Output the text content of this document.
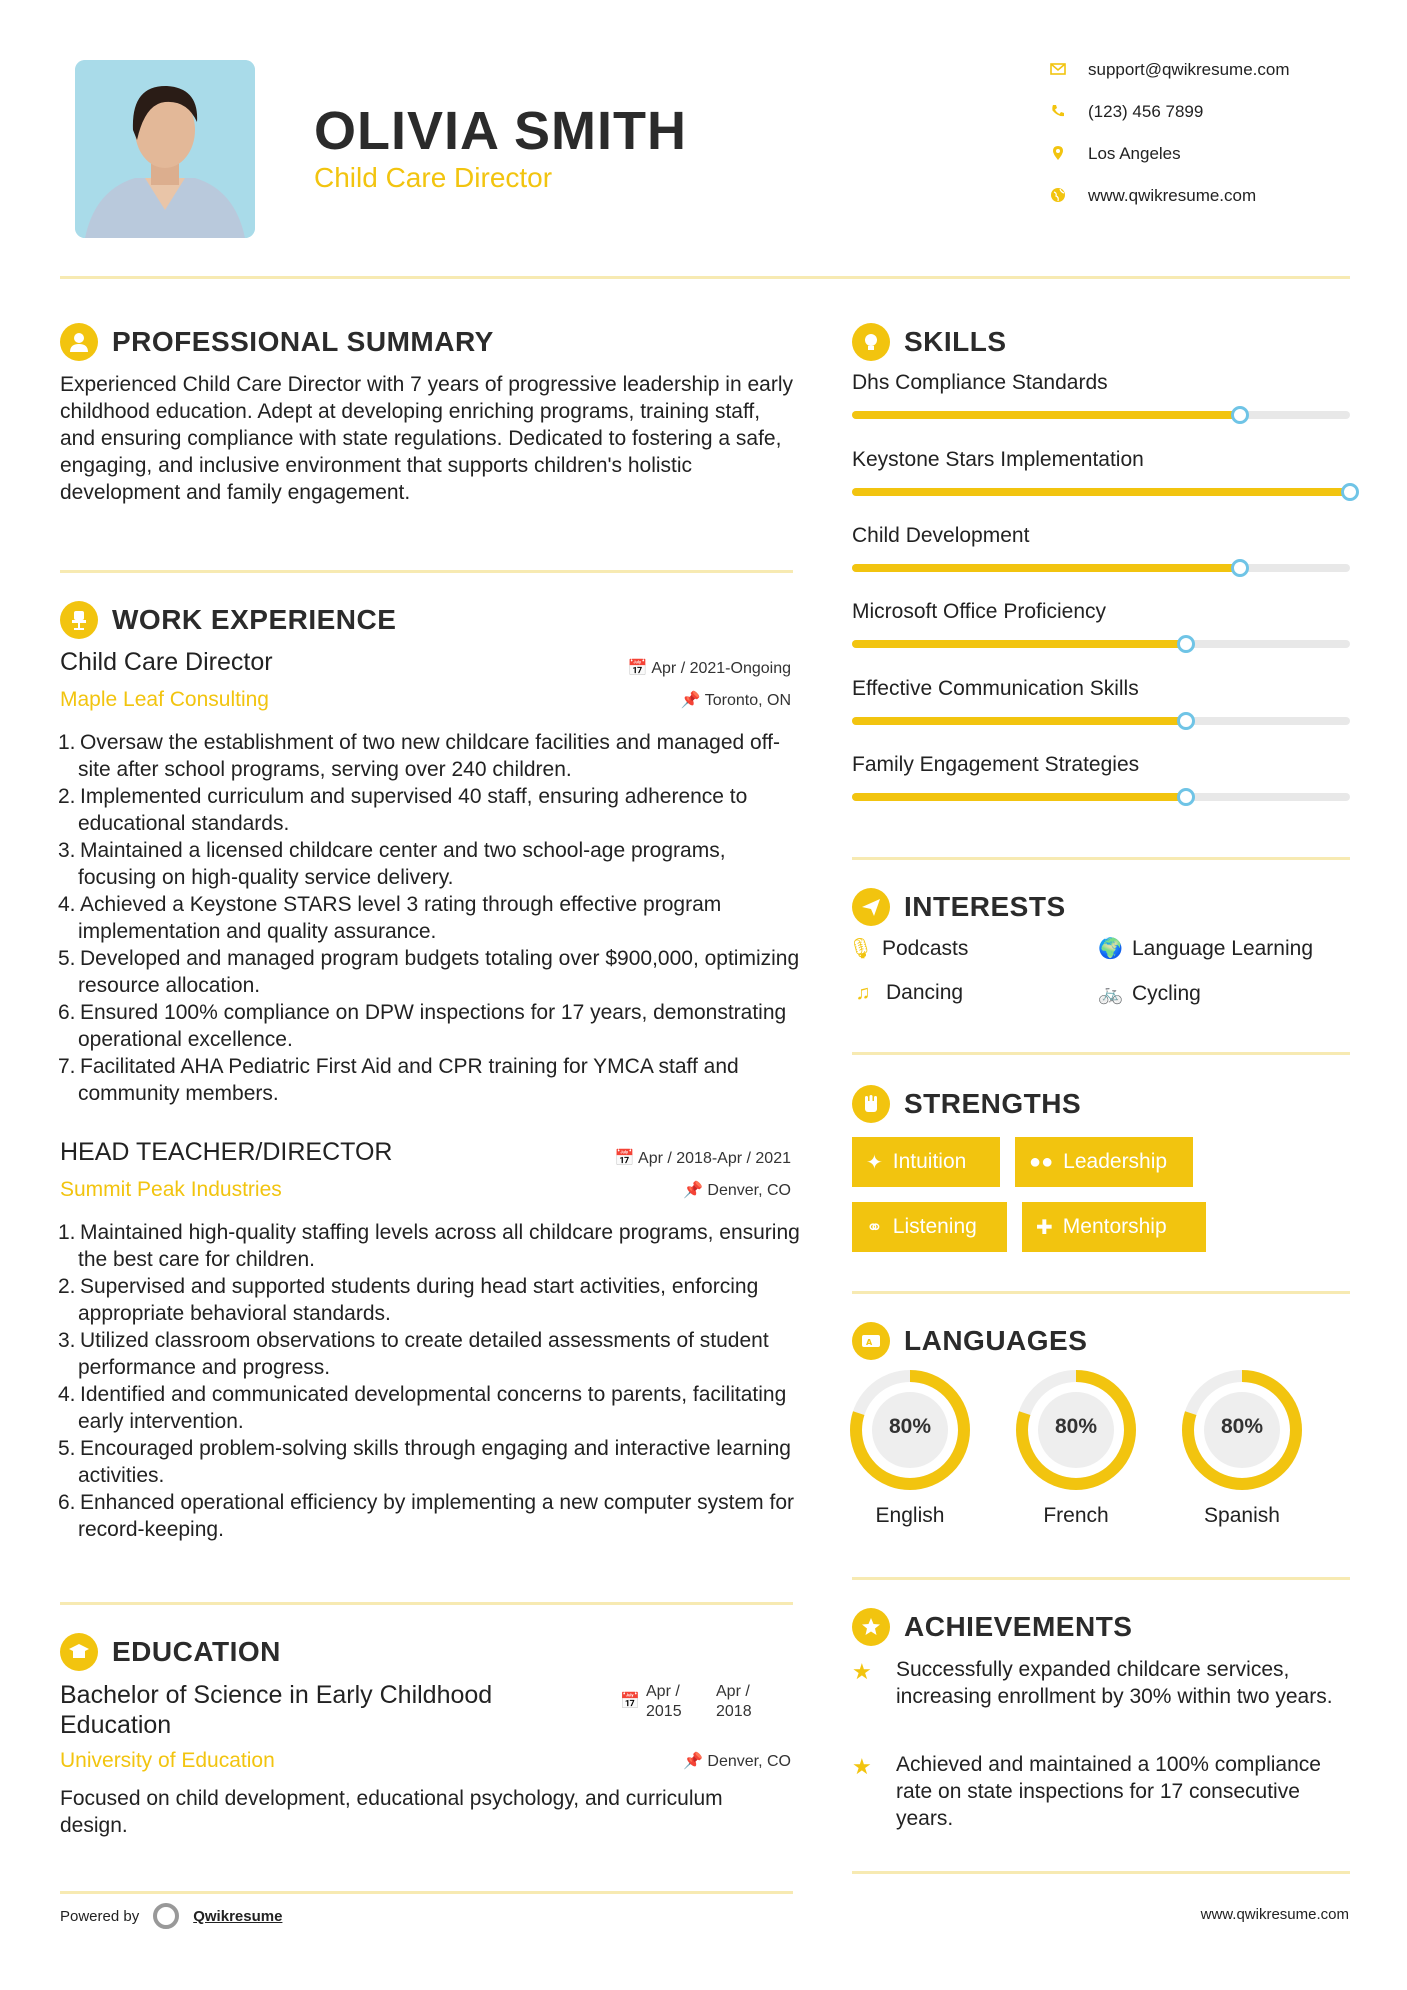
OLIVIA SMITH
Child Care Director
support@qwikresume.com
(123) 456 7899
Los Angeles
www.qwikresume.com
PROFESSIONAL SUMMARY
Experienced Child Care Director with 7 years of progressive leadership in early childhood education. Adept at developing enriching programs, training staff, and ensuring compliance with state regulations. Dedicated to fostering a safe, engaging, and inclusive environment that supports children's holistic development and family engagement.
WORK EXPERIENCE
Child Care Director
Maple Leaf Consulting
📅 Apr / 2021-Ongoing
📌 Toronto, ON
1. Oversaw the establishment of two new childcare facilities and managed off-site after school programs, serving over 240 children.
2. Implemented curriculum and supervised 40 staff, ensuring adherence to educational standards.
3. Maintained a licensed childcare center and two school-age programs, focusing on high-quality service delivery.
4. Achieved a Keystone STARS level 3 rating through effective program implementation and quality assurance.
5. Developed and managed program budgets totaling over $900,000, optimizing resource allocation.
6. Ensured 100% compliance on DPW inspections for 17 years, demonstrating operational excellence.
7. Facilitated AHA Pediatric First Aid and CPR training for YMCA staff and community members.
HEAD TEACHER/DIRECTOR
Summit Peak Industries
📅 Apr / 2018-Apr / 2021
📌 Denver, CO
1. Maintained high-quality staffing levels across all childcare programs, ensuring the best care for children.
2. Supervised and supported students during head start activities, enforcing appropriate behavioral standards.
3. Utilized classroom observations to create detailed assessments of student performance and progress.
4. Identified and communicated developmental concerns to parents, facilitating early intervention.
5. Encouraged problem-solving skills through engaging and interactive learning activities.
6. Enhanced operational efficiency by implementing a new computer system for record-keeping.
EDUCATION
Bachelor of Science in Early Childhood Education
📅
Apr / 2015
Apr / 2018
University of Education	📌 Denver, CO
Focused on child development, educational psychology, and curriculum design.
SKILLS
Dhs Compliance Standards
Keystone Stars Implementation
Child Development
Microsoft Office Proficiency
Effective Communication Skills
Family Engagement Strategies
INTERESTS
🎙 Podcasts	🌍 Language Learning
♫ Dancing	🚲 Cycling
STRENGTHS
✦ Intuition	●● Leadership
⚭ Listening	✚ Mentorship
A LANGUAGES
80%
English
80%
French
80%
Spanish
ACHIEVEMENTS
★ Successfully expanded childcare services, increasing enrollment by 30% within two years.
★ Achieved and maintained a 100% compliance rate on state inspections for 17 consecutive years.
Powered by	Qwikresume	www.qwikresume.com
